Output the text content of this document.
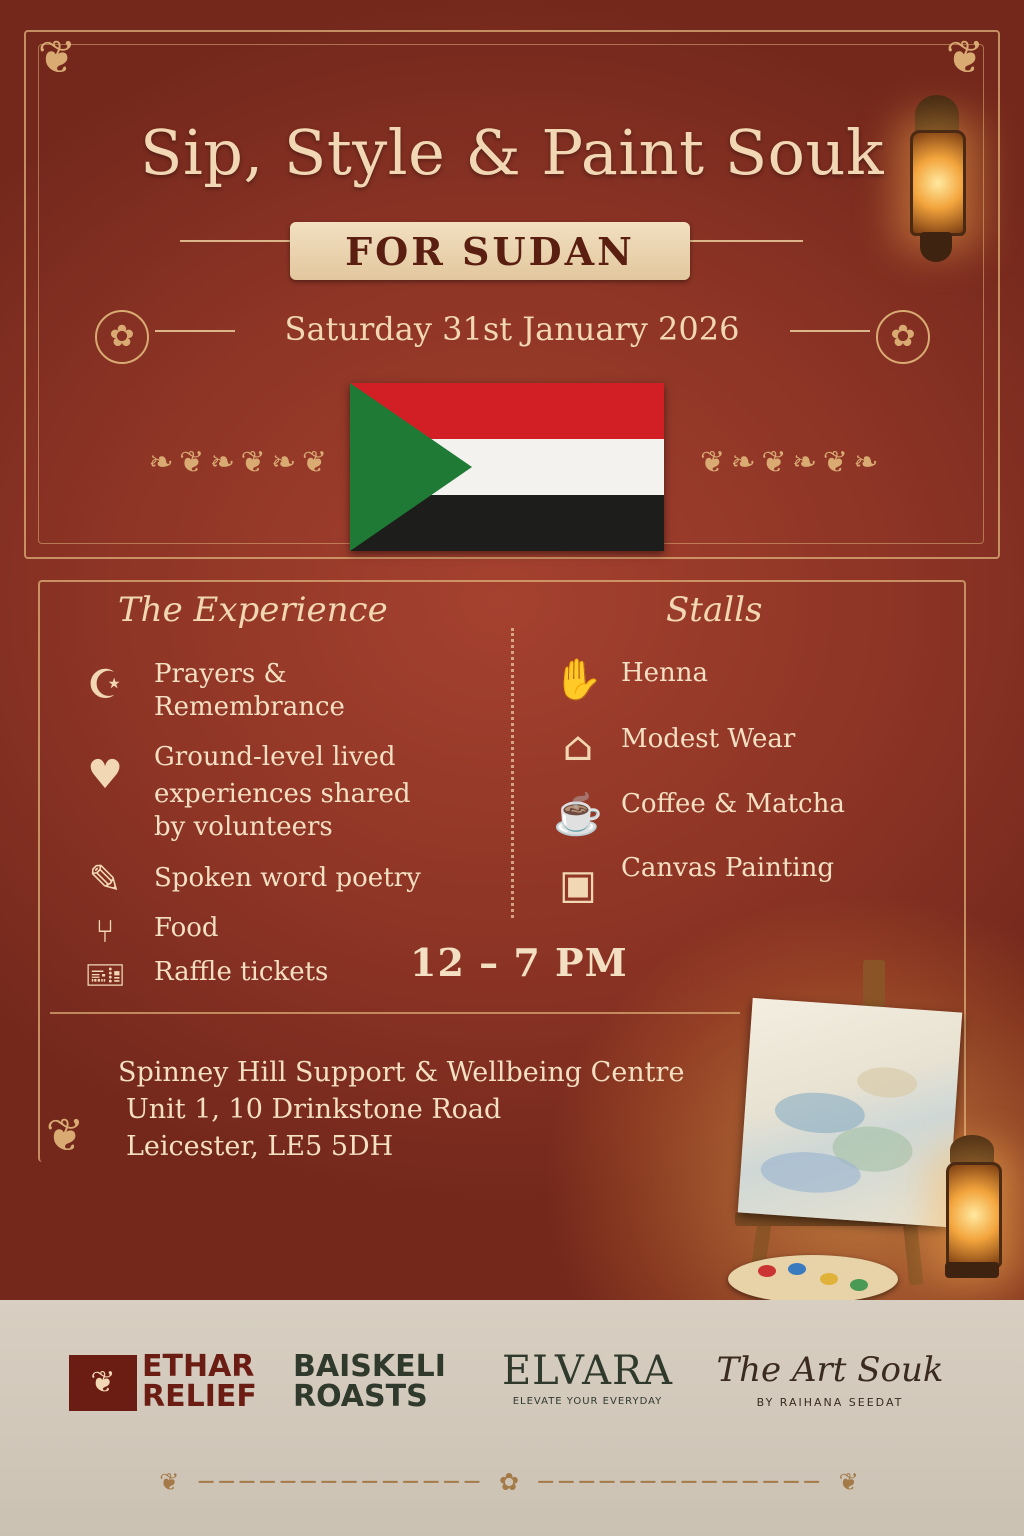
❦	❦
❦
Sip, Style & Paint Souk
FOR SUDAN
✿	Saturday 31st January 2026	✿
❧ ❦ ❧ ❦ ❧ ❦	❦ ❧ ❦ ❧ ❦ ❧
The Experience
☪	Prayers &
Remembrance
♥	Ground-level lived
experiences shared
by volunteers
✎	Spoken word poetry
⑂	Food
🎫︎	Raffle tickets
Stalls
✋ Henna
⌂	Modest Wear
☕ Coffee & Matcha
▣ Canvas Painting
12 – 7 PM
Spinney Hill Support & Wellbeing Centre
Unit 1, 10 Drinkstone Road
Leicester, LE5 5DH
❦ ETHAR
RELIEF
BAISKELI
ROASTS
ELVARA
ELEVATE YOUR EVERYDAY
The Art Souk
BY RAIHANA SEEDAT
❦ ────────────── ✿ ────────────── ❦
